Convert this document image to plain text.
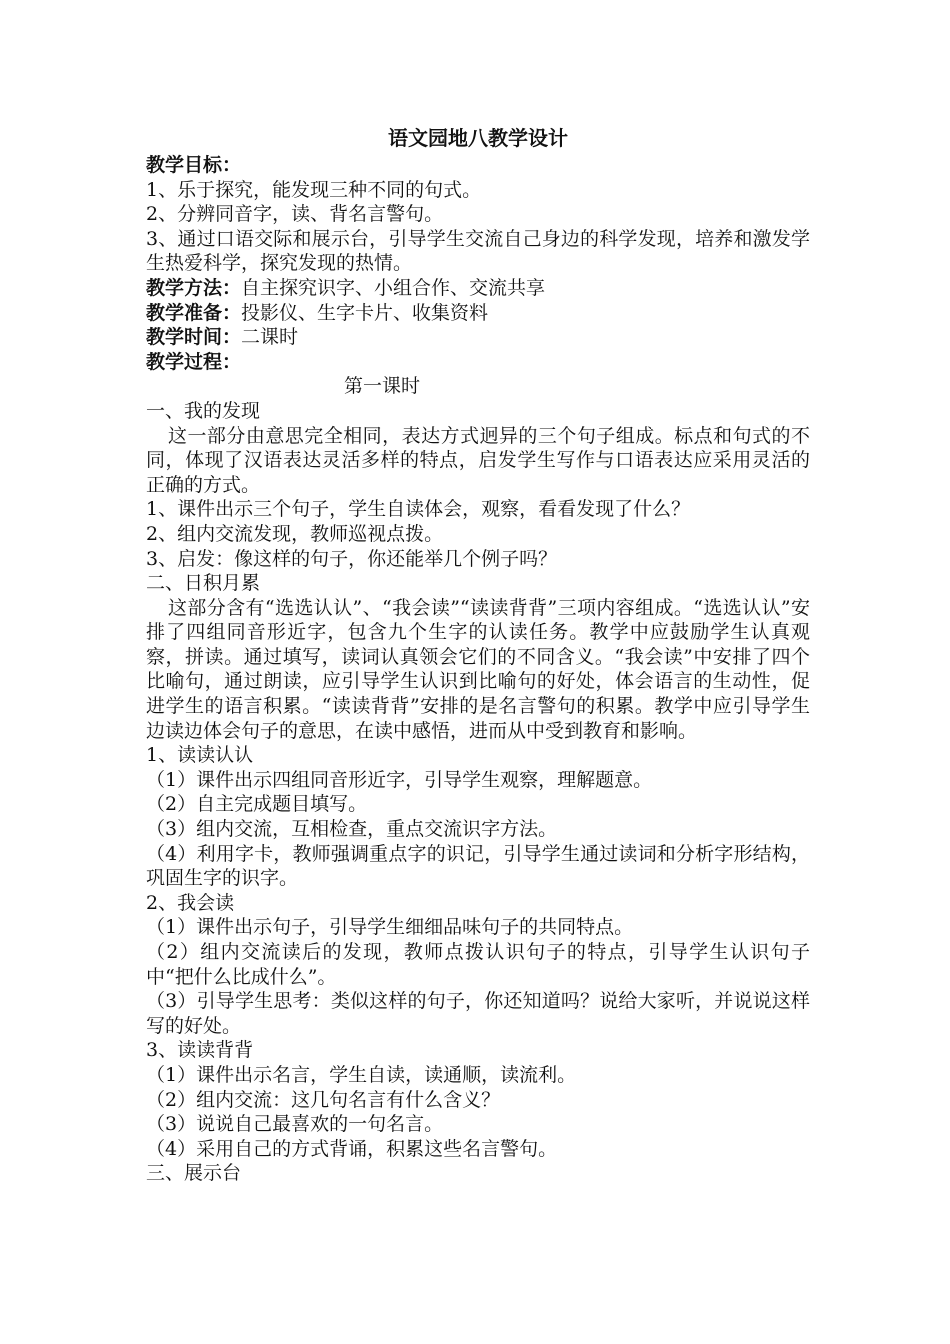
语文园地八教学设计

教学目标：

1、乐于探究，能发现三种不同的句式。

2、分辨同音字，读、背名言警句。

3、通过口语交际和展示台，引导学生交流自己身边的科学发现，培养和激发学生热爱科学，探究发现的热情。

教学方法：自主探究识字、小组合作、交流共享

教学准备：投影仪、生字卡片、收集资料

教学时间：二课时

教学过程：

第一课时

一、我的发现

这一部分由意思完全相同，表达方式迥异的三个句子组成。标点和句式的不同，体现了汉语表达灵活多样的特点，启发学生写作与口语表达应采用灵活的正确的方式。

1、课件出示三个句子，学生自读体会，观察，看看发现了什么？

2、组内交流发现，教师巡视点拨。

3、启发：像这样的句子，你还能举几个例子吗？

二、日积月累

这部分含有“选选认认”、“我会读”“读读背背”三项内容组成。“选选认认”安排了四组同音形近字，包含九个生字的认读任务。教学中应鼓励学生认真观察，拼读。通过填写，读词认真领会它们的不同含义。“我会读”中安排了四个比喻句，通过朗读，应引导学生认识到比喻句的好处，体会语言的生动性，促进学生的语言积累。“读读背背”安排的是名言警句的积累。教学中应引导学生边读边体会句子的意思，在读中感悟，进而从中受到教育和影响。

1、读读认认

（1）课件出示四组同音形近字，引导学生观察，理解题意。

（2）自主完成题目填写。

（3）组内交流，互相检查，重点交流识字方法。

（4）利用字卡，教师强调重点字的识记，引导学生通过读词和分析字形结构，巩固生字的识字。

2、我会读

（1）课件出示句子，引导学生细细品味句子的共同特点。

（2）组内交流读后的发现，教师点拨认识句子的特点，引导学生认识句子中“把什么比成什么”。

（3）引导学生思考：类似这样的句子，你还知道吗？说给大家听，并说说这样写的好处。

3、读读背背

（1）课件出示名言，学生自读，读通顺，读流利。

（2）组内交流：这几句名言有什么含义？

（3）说说自己最喜欢的一句名言。

（4）采用自己的方式背诵，积累这些名言警句。

三、展示台
